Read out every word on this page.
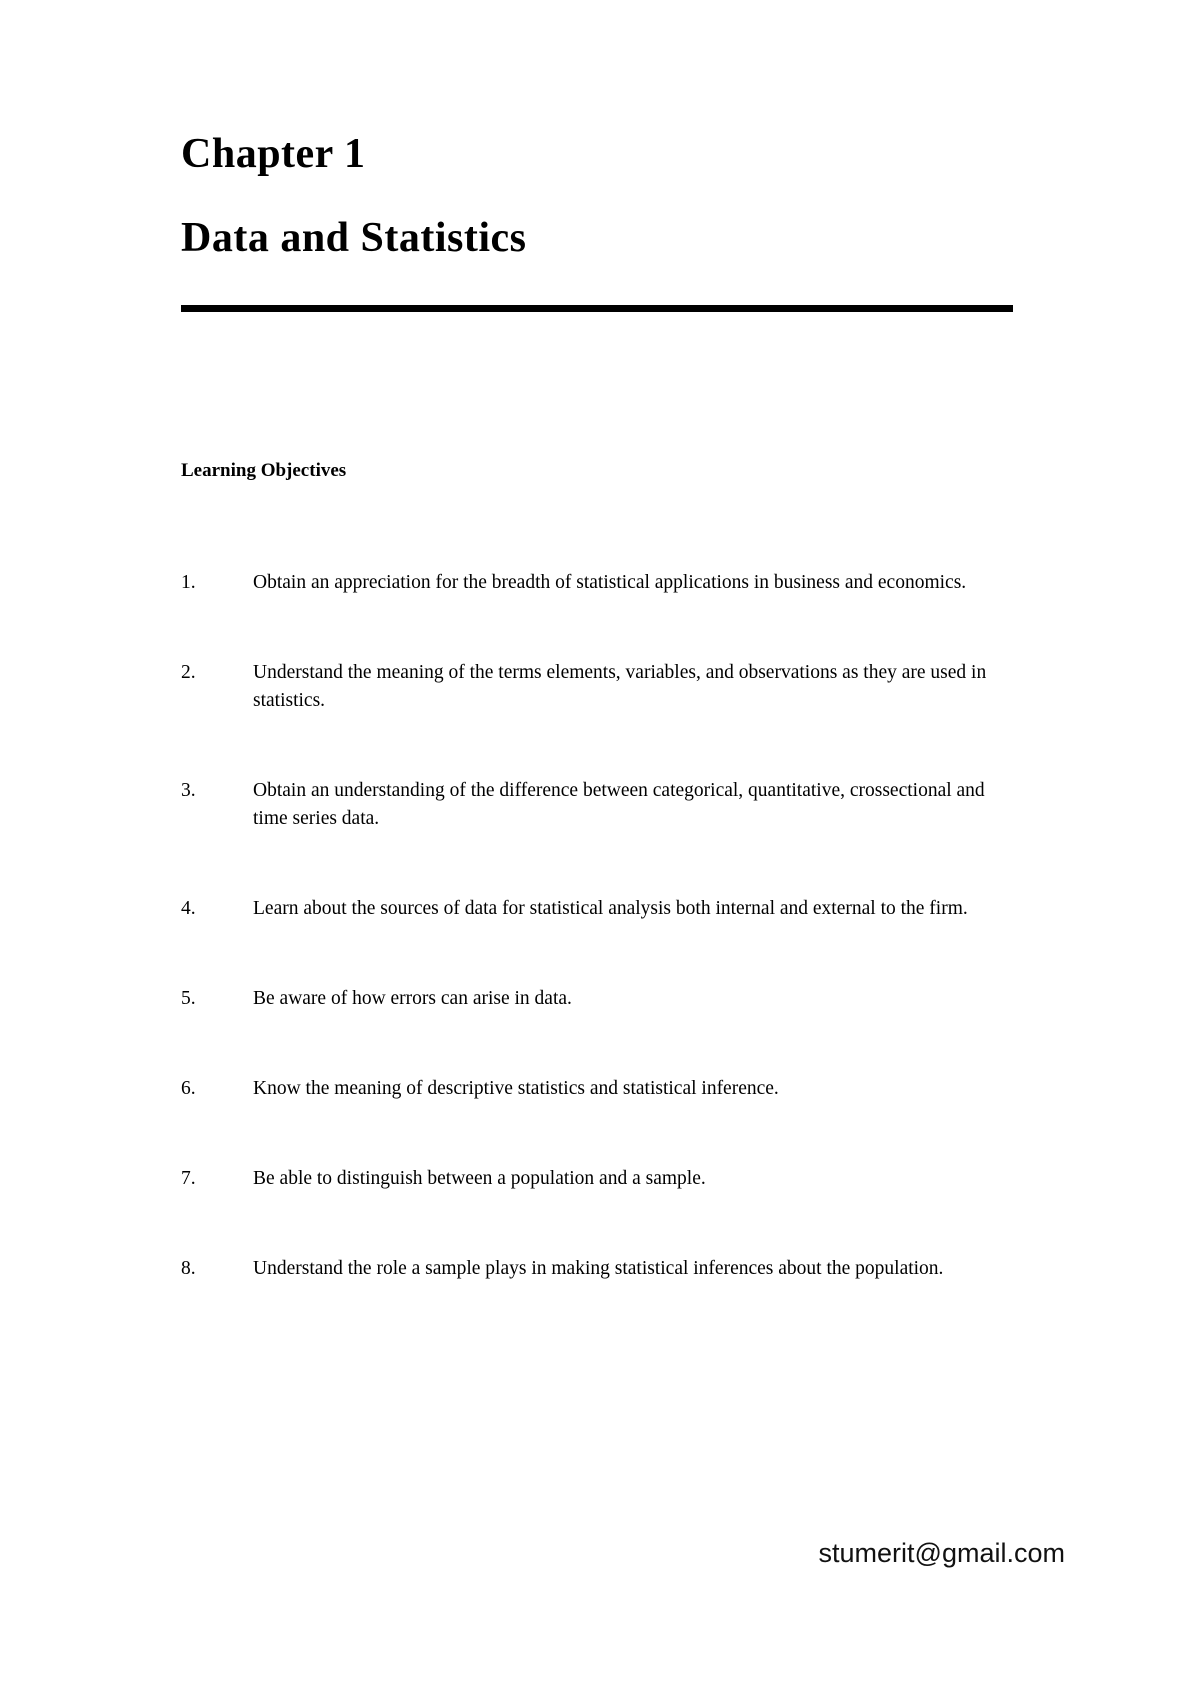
Chapter 1
Data and Statistics
Learning Objectives
1.	Obtain an appreciation for the breadth of statistical applications in business and economics.
2.	Understand the meaning of the terms elements, variables, and observations as they are used in statistics.
3.	Obtain an understanding of the difference between categorical, quantitative, crossectional and time series data.
4.	Learn about the sources of data for statistical analysis both internal and external to the firm.
5.	Be aware of how errors can arise in data.
6.	Know the meaning of descriptive statistics and statistical inference.
7.	Be able to distinguish between a population and a sample.
8.	Understand the role a sample plays in making statistical inferences about the population.
stumerit@gmail.com
